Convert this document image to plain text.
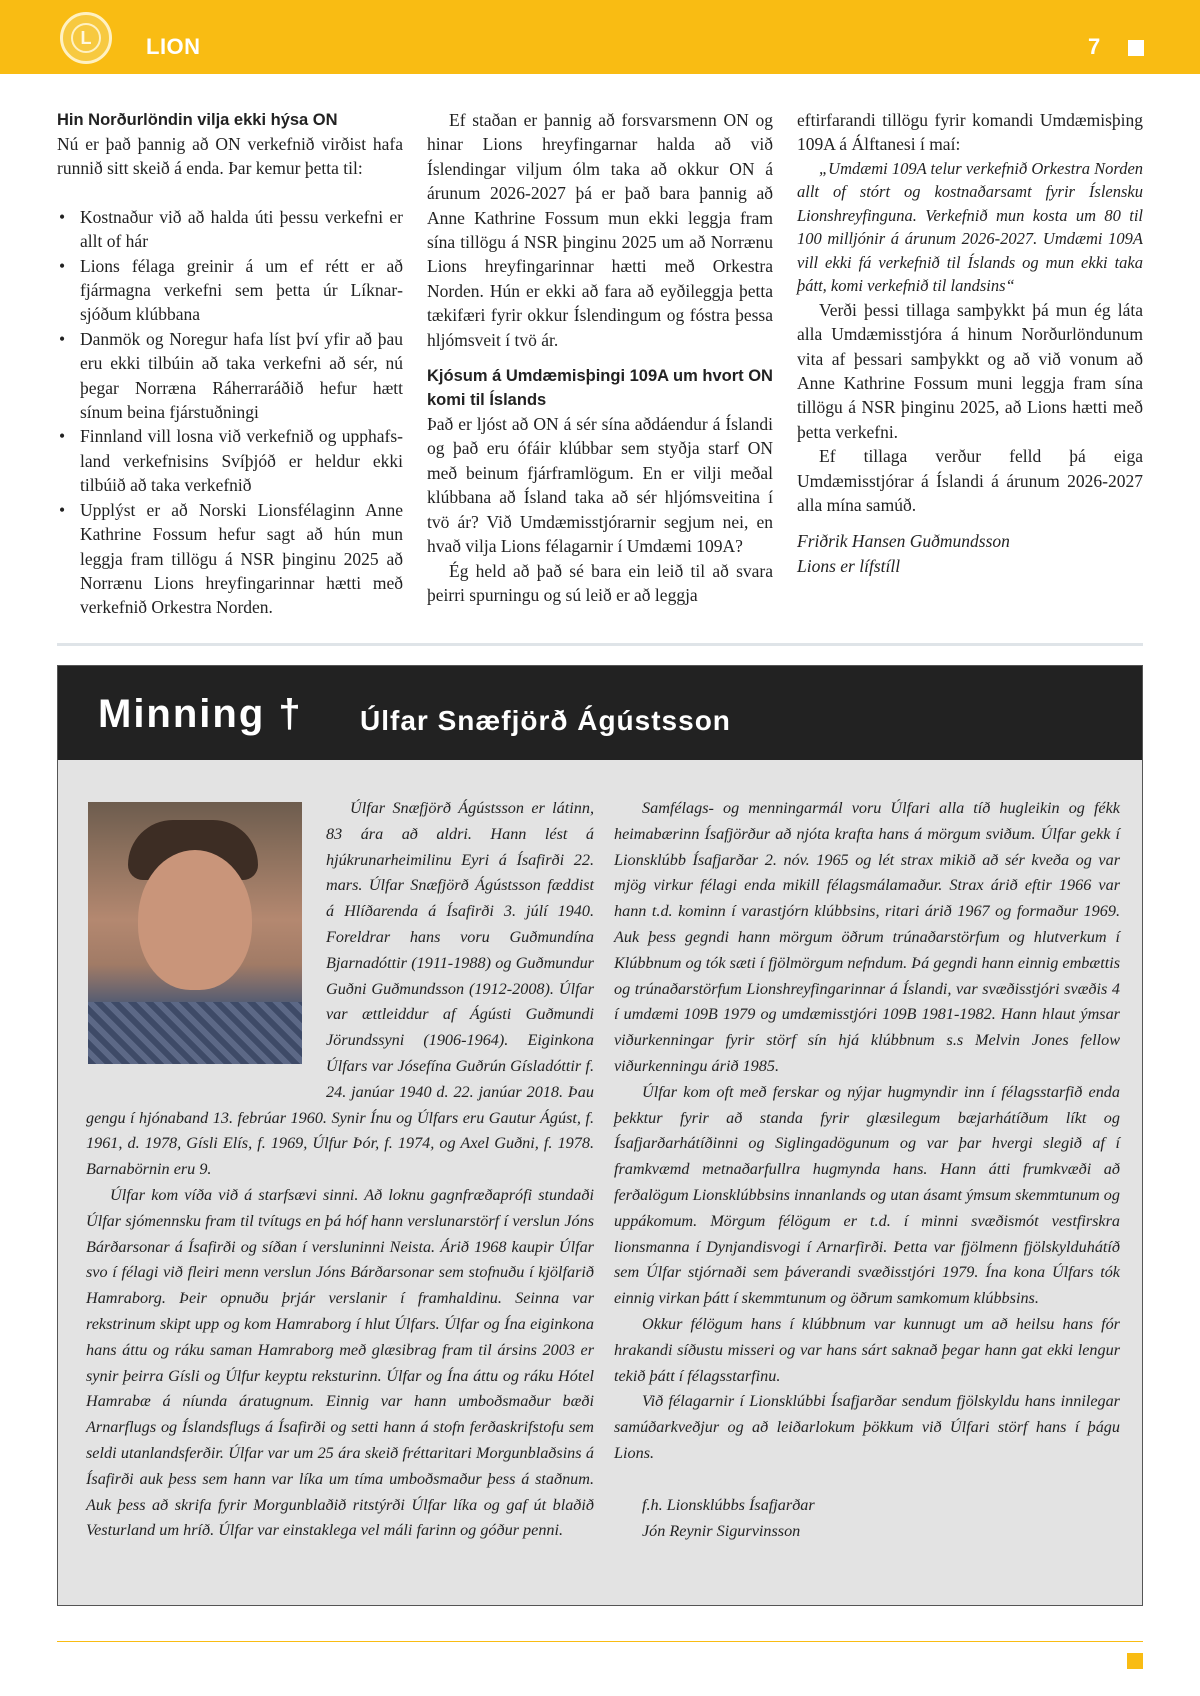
L	LION	7
Hin Norðurlöndin vilja ekki hýsa ON

Nú er það þannig að ON verkefnið virðist hafa runnið sitt skeið á enda. Þar kemur þetta til:

• Kostnaður við að halda úti þessu verkefni er allt of hár
• Lions félaga greinir á um ef rétt er að fjármagna verkefni sem þetta úr Líknarsjóðum klúbbana
• Danmök og Noregur hafa líst því yfir að þau eru ekki tilbúin að taka verkefni að sér, nú þegar Norræna Ráherraráðið hefur hætt sínum beina fjárstuðningi
• Finnland vill losna við verkefnið og upphafsland verkefnisins Svíþjóð er heldur ekki tilbúið að taka verkefnið
• Upplýst er að Norski Lionsfélaginn Anne Kathrine Fossum hefur sagt að hún mun leggja fram tillögu á NSR þinginu 2025 að Norrænu Lions hreyfingarinnar hætti með verkefnið Orkestra Norden.

Ef staðan er þannig að forsvarsmenn ON og hinar Lions hreyfingarnar halda að við Íslendingar viljum ólm taka að okkur ON á árunum 2026-2027 þá er það bara þannig að Anne Kathrine Fossum mun ekki leggja fram sína tillögu á NSR þinginu 2025 um að Norrænu Lions hreyfingarinnar hætti með Orkestra Norden. Hún er ekki að fara að eyðileggja þetta tækifæri fyrir okkur Íslendingum og fóstra þessa hljómsveit í tvö ár.

Kjósum á Umdæmisþingi 109A um hvort ON komi til Íslands

Það er ljóst að ON á sér sína aðdáendur á Íslandi og það eru ófáir klúbbar sem styðja starf ON með beinum fjárframlögum. En er vilji meðal klúbbana að Ísland taka að sér hljómsveitina í tvö ár? Við Umdæmisstjórarnir segjum nei, en hvað vilja Lions félagarnir í Umdæmi 109A?

Ég held að það sé bara ein leið til að svara þeirri spurningu og sú leið er að leggja

eftirfarandi tillögu fyrir komandi Umdæmisþing 109A á Álftanesi í maí:

„Umdæmi 109A telur verkefnið Orkestra Norden allt of stórt og kostnaðarsamt fyrir Íslensku Lionshreyfinguna. Verkefnið mun kosta um 80 til 100 milljónir á árunum 2026-2027. Umdæmi 109A vill ekki fá verkefnið til Íslands og mun ekki taka þátt, komi verkefnið til landsins“

Verði þessi tillaga samþykkt þá mun ég láta alla Umdæmisstjóra á hinum Norðurlöndunum vita af þessari samþykkt og að við vonum að Anne Kathrine Fossum muni leggja fram sína tillögu á NSR þinginu 2025, að Lions hætti með þetta verkefni.

Ef tillaga verður felld þá eiga Umdæmisstjórar á Íslandi á árunum 2026-2027 alla mína samúð.

Friðrik Hansen Guðmundsson

Lions er lífstíll

Minning † Úlfar Snæfjörð Ágústsson

Úlfar Snæfjörð Ágústsson er látinn, 83 ára að aldri. Hann lést á hjúkrunarheimilinu Eyri á Ísafirði 22. mars. Úlfar Snæfjörð Ágústsson fæddist á Hlíðarenda á Ísafirði 3. júlí 1940. Foreldrar hans voru Guðmundína Bjarnadóttir (1911-1988) og Guðmundur Guðni Guðmundsson (1912-2008). Úlfar var ættleiddur af Ágústi Guðmundi Jörundssyni (1906-1964). Eiginkona Úlfars var Jósefína Guðrún Gísladóttir f. 24. janúar 1940 d. 22. janúar 2018. Þau gengu í hjónaband 13. febrúar 1960. Synir Ínu og Úlfars eru Gautur Ágúst, f. 1961, d. 1978, Gísli Elís, f. 1969, Úlfur Þór, f. 1974, og Axel Guðni, f. 1978. Barnabörnin eru 9.

Úlfar kom víða við á starfsævi sinni. Að loknu gagnfræðaprófi stundaði Úlfar sjómennsku fram til tvítugs en þá hóf hann verslunarstörf í verslun Jóns Bárðarsonar á Ísafirði og síðan í versluninni Neista. Árið 1968 kaupir Úlfar svo í félagi við fleiri menn verslun Jóns Bárðarsonar sem stofnuðu í kjölfarið Hamraborg. Þeir opnuðu þrjár verslanir í framhaldinu. Seinna var rekstrinum skipt upp og kom Hamraborg í hlut Úlfars. Úlfar og Ína eiginkona hans áttu og ráku saman Hamraborg með glæsibrag fram til ársins 2003 er synir þeirra Gísli og Úlfur keyptu reksturinn. Úlfar og Ína áttu og ráku Hótel Hamrabæ á níunda áratugnum. Einnig var hann umboðsmaður bæði Arnarflugs og Íslandsflugs á Ísafirði og setti hann á stofn ferðaskrifstofu sem seldi utanlandsferðir. Úlfar var um 25 ára skeið fréttaritari Morgunblaðsins á Ísafirði auk þess sem hann var líka um tíma umboðsmaður þess á staðnum. Auk þess að skrifa fyrir Morgunblaðið ritstýrði Úlfar líka og gaf út blaðið Vesturland um hríð. Úlfar var einstaklega vel máli farinn og góður penni.

Samfélags- og menningarmál voru Úlfari alla tíð hugleikin og fékk heimabærinn Ísafjörður að njóta krafta hans á mörgum sviðum. Úlfar gekk í Lionsklúbb Ísafjarðar 2. nóv. 1965 og lét strax mikið að sér kveða og var mjög virkur félagi enda mikill félagsmálamaður. Strax árið eftir 1966 var hann t.d. kominn í varastjórn klúbbsins, ritari árið 1967 og formaður 1969. Auk þess gegndi hann mörgum öðrum trúnaðarstörfum og hlutverkum í Klúbbnum og tók sæti í fjölmörgum nefndum. Þá gegndi hann einnig embættis og trúnaðarstörfum Lionshreyfingarinnar á Íslandi, var svæðisstjóri svæðis 4 í umdæmi 109B 1979 og umdæmisstjóri 109B 1981-1982. Hann hlaut ýmsar viðurkenningar fyrir störf sín hjá klúbbnum s.s Melvin Jones fellow viðurkenningu árið 1985.

Úlfar kom oft með ferskar og nýjar hugmyndir inn í félagsstarfið enda þekktur fyrir að standa fyrir glæsilegum bæjarhátíðum líkt og Ísafjarðarhátíðinni og Siglingadögunum og var þar hvergi slegið af í framkvæmd metnaðarfullra hugmynda hans. Hann átti frumkvæði að ferðalögum Lionsklúbbsins innanlands og utan ásamt ýmsum skemmtunum og uppákomum. Mörgum félögum er t.d. í minni svæðismót vestfirskra lionsmanna í Dynjandisvogi í Arnarfirði. Þetta var fjölmenn fjölskylduhátíð sem Úlfar stjórnaði sem þáverandi svæðisstjóri 1979. Ína kona Úlfars tók einnig virkan þátt í skemmtunum og öðrum samkomum klúbbsins.

Okkur félögum hans í klúbbnum var kunnugt um að heilsu hans fór hrakandi síðustu misseri og var hans sárt saknað þegar hann gat ekki lengur tekið þátt í félagsstarfinu.

Við félagarnir í Lionsklúbbi Ísafjarðar sendum fjölskyldu hans innilegar samúðarkveðjur og að leiðarlokum þökkum við Úlfari störf hans í þágu Lions.

f.h. Lionsklúbbs Ísafjarðar

Jón Reynir Sigurvinsson
